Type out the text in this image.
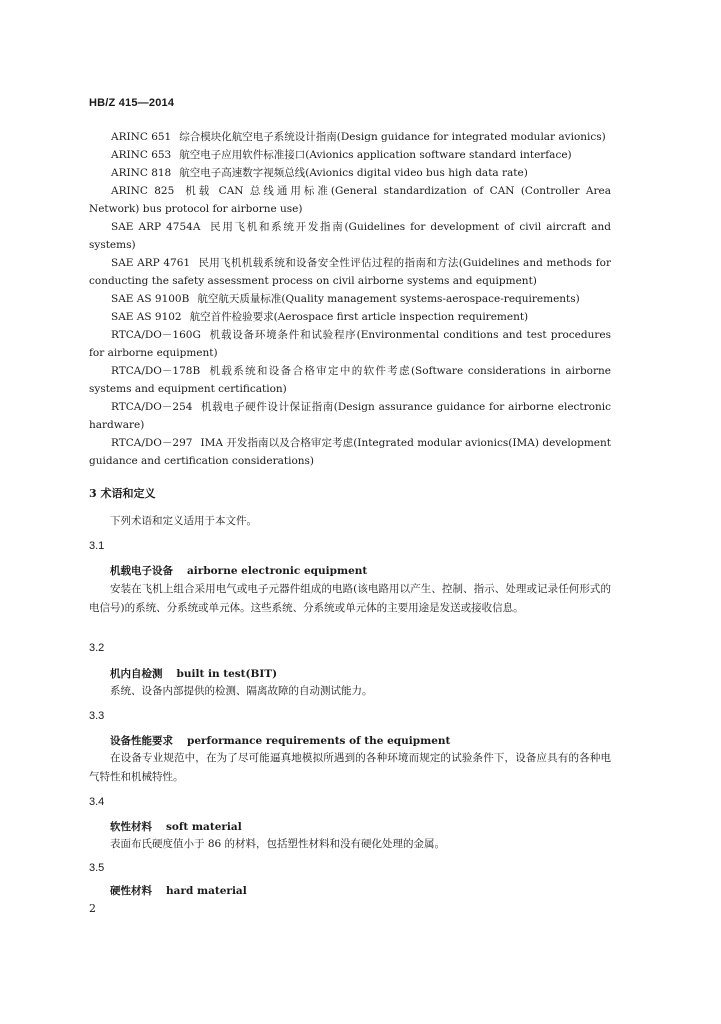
HB/Z 415—2014

ARINC 651 综合模块化航空电子系统设计指南(Design guidance for integrated modular avionics)

ARINC 653 航空电子应用软件标准接口(Avionics application software standard interface)

ARINC 818 航空电子高速数字视频总线(Avionics digital video bus high data rate)

ARINC 825 机载 CAN 总线通用标准(General standardization of CAN (Controller Area Network) bus protocol for airborne use)

SAE ARP 4754A 民用飞机和系统开发指南(Guidelines for development of civil aircraft and systems)

SAE ARP 4761 民用飞机机载系统和设备安全性评估过程的指南和方法(Guidelines and methods for conducting the safety assessment process on civil airborne systems and equipment)

SAE AS 9100B 航空航天质量标准(Quality management systems-aerospace-requirements)

SAE AS 9102 航空首件检验要求(Aerospace first article inspection requirement)

RTCA/DO－160G 机载设备环境条件和试验程序(Environmental conditions and test procedures for airborne equipment)

RTCA/DO－178B 机载系统和设备合格审定中的软件考虑(Software considerations in airborne systems and equipment certification)

RTCA/DO－254 机载电子硬件设计保证指南(Design assurance guidance for airborne electronic hardware)

RTCA/DO－297 IMA 开发指南以及合格审定考虑(Integrated modular avionics(IMA) development guidance and certification considerations)

3 术语和定义

下列术语和定义适用于本文件。

3.1
机载电子设备 airborne electronic equipment

安装在飞机上组合采用电气或电子元器件组成的电路(该电路用以产生、控制、指示、处理或记录任何形式的电信号)的系统、分系统或单元体。这些系统、分系统或单元体的主要用途是发送或接收信息。

3.2
机内自检测 built in test(BIT)

系统、设备内部提供的检测、隔离故障的自动测试能力。

3.3
设备性能要求 performance requirements of the equipment

在设备专业规范中，在为了尽可能逼真地模拟所遇到的各种环境而规定的试验条件下，设备应具有的各种电气特性和机械特性。

3.4
软性材料 soft material

表面布氏硬度值小于 86 的材料，包括塑性材料和没有硬化处理的金属。

3.5
硬性材料 hard material
2
